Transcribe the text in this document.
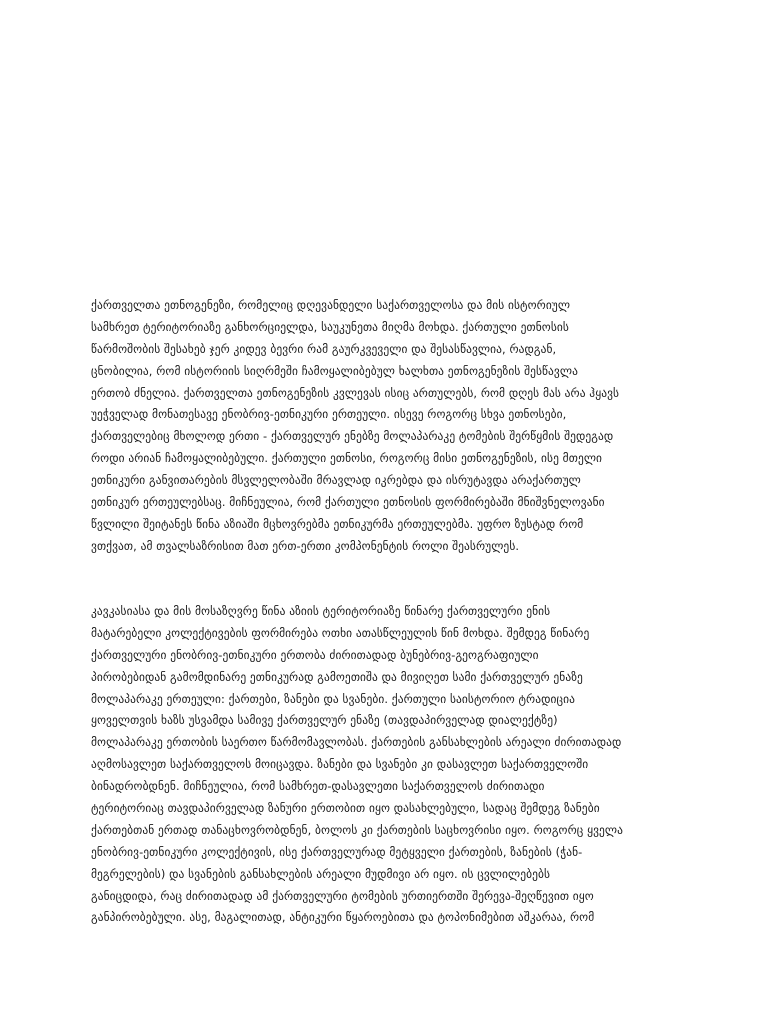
ქართველთა ეთნოგენეზი, რომელიც დღევანდელი საქართველოსა და მის ისტორიულ
სამხრეთ ტერიტორიაზე განხორციელდა, საუკუნეთა მიღმა მოხდა. ქართული ეთნოსის
წარმოშობის შესახებ ჯერ კიდევ ბევრი რამ გაურკვეველი და შესასწავლია, რადგან,
ცნობილია, რომ ისტორიის სიღრმეში ჩამოყალიბებულ ხალხთა ეთნოგენეზის შესწავლა
ერთობ ძნელია. ქართველთა ეთნოგენეზის კვლევას ისიც ართულებს, რომ დღეს მას არა ჰყავს
უეჭველად მონათესავე ენობრივ-ეთნიკური ერთეული. ისევე როგორც სხვა ეთნოსები,
ქართველებიც მხოლოდ ერთი - ქართველურ ენებზე მოლაპარაკე ტომების შერწყმის შედეგად
როდი არიან ჩამოყალიბებული. ქართული ეთნოსი, როგორც მისი ეთნოგენეზის, ისე მთელი
ეთნიკური განვითარების მსვლელობაში მრავლად იკრებდა და ისრუტავდა არაქართულ
ეთნიკურ ერთეულებსაც. მიჩნეულია, რომ ქართული ეთნოსის ფორმირებაში მნიშვნელოვანი
წვლილი შეიტანეს წინა აზიაში მცხოვრებმა ეთნიკურმა ერთეულებმა. უფრო ზუსტად რომ
ვთქვათ, ამ თვალსაზრისით მათ ერთ-ერთი კომპონენტის როლი შეასრულეს.

კავკასიასა და მის მოსაზღვრე წინა აზიის ტერიტორიაზე წინარე ქართველური ენის
მატარებელი კოლექტივების ფორმირება ოთხი ათასწლეულის წინ მოხდა. შემდეგ წინარე
ქართველური ენობრივ-ეთნიკური ერთობა ძირითადად ბუნებრივ-გეოგრაფიული
პირობებიდან გამომდინარე ეთნიკურად გამოეთიშა და მივიღეთ სამი ქართველურ ენაზე
მოლაპარაკე ერთეული: ქართები, ზანები და სვანები. ქართული საისტორიო ტრადიცია
ყოველთვის ხაზს უსვამდა სამივე ქართველურ ენაზე (თავდაპირველად დიალექტზე)
მოლაპარაკე ერთობის საერთო წარმომავლობას. ქართების განსახლების არეალი ძირითადად
აღმოსავლეთ საქართველოს მოიცავდა. ზანები და სვანები კი დასავლეთ საქართველოში
ბინადრობდნენ. მიჩნეულია, რომ სამხრეთ-დასავლეთი საქართველოს ძირითადი
ტერიტორიაც თავდაპირველად ზანური ერთობით იყო დასახლებული, სადაც შემდეგ ზანები
ქართებთან ერთად თანაცხოვრობდნენ, ბოლოს კი ქართების საცხოვრისი იყო. როგორც ყველა
ენობრივ-ეთნიკური კოლექტივის, ისე ქართველურად მეტყველი ქართების, ზანების (ჭან-
მეგრელების) და სვანების განსახლების არეალი მუდმივი არ იყო. ის ცვლილებებს
განიცდიდა, რაც ძირითადად ამ ქართველური ტომების ურთიერთში შერევა-შეღწევით იყო
განპირობებული. ასე, მაგალითად, ანტიკური წყაროებითა და ტოპონიმებით აშკარაა, რომ
